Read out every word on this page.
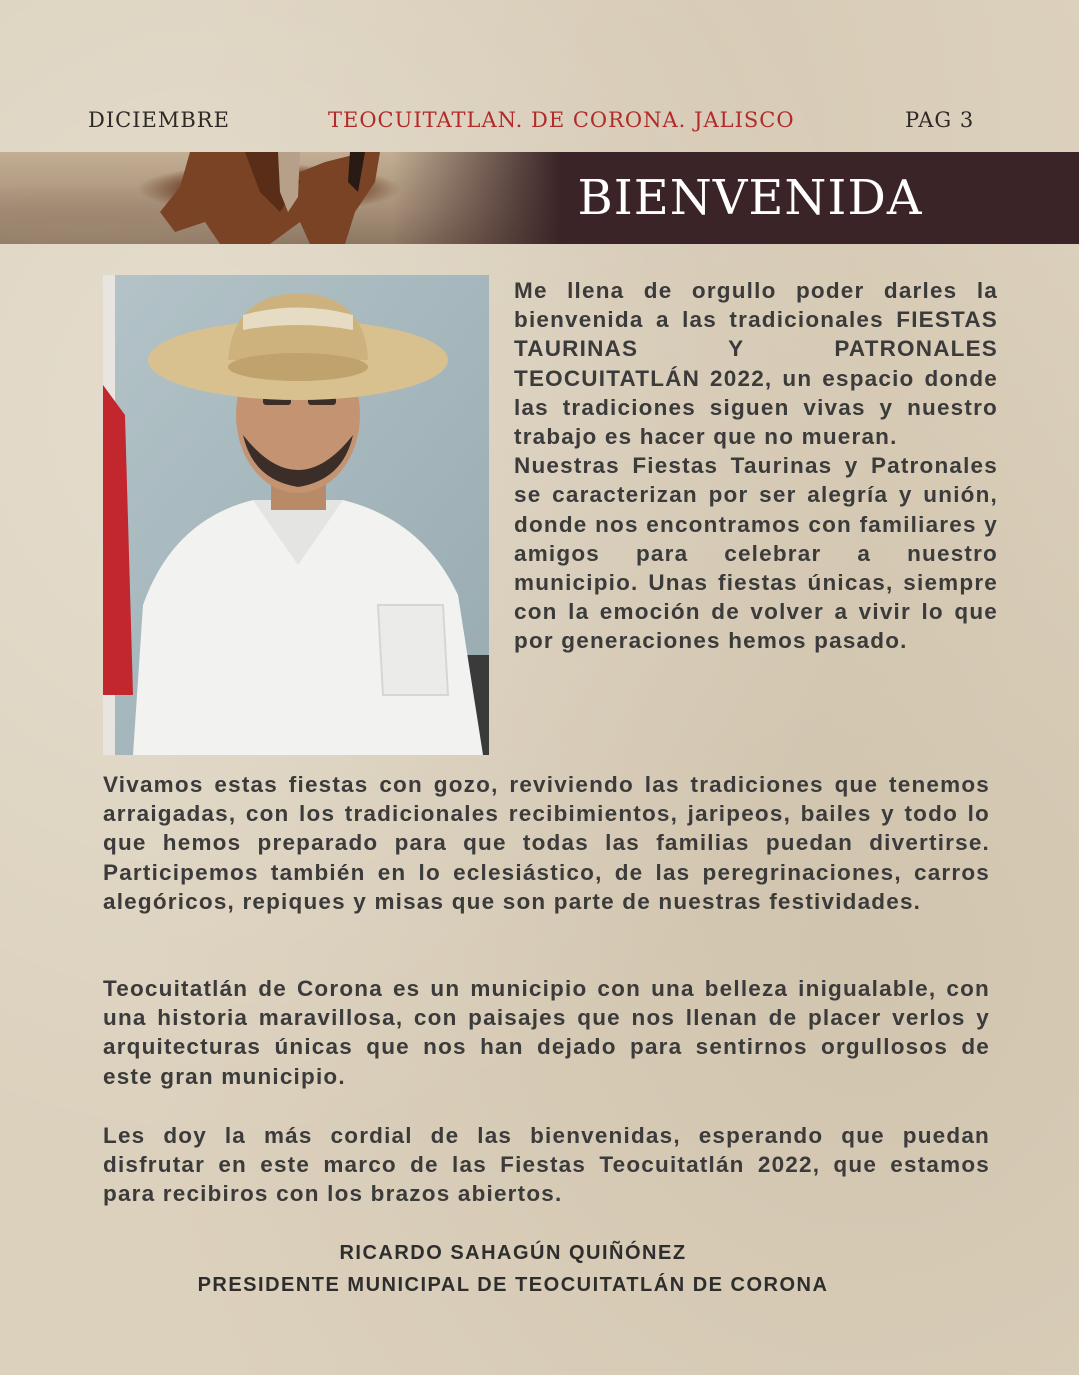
DICIEMBRE	TEOCUITATLAN. DE CORONA. JALISCO	PAG 3
BIENVENIDA

Me llena de orgullo poder darles la bienvenida a las tradicionales FIESTAS TAURINAS Y PATRONALES TEOCUITATLÁN 2022, un espacio donde las tradiciones siguen vivas y nuestro trabajo es hacer que no mueran.

Nuestras Fiestas Taurinas y Patronales se caracterizan por ser alegría y unión, donde nos encontramos con familiares y amigos para celebrar a nuestro municipio. Unas fiestas únicas, siempre con la emoción de volver a vivir lo que por generaciones hemos pasado.

Vivamos estas fiestas con gozo, reviviendo las tradiciones que tenemos arraigadas, con los tradicionales recibimientos, jaripeos, bailes y todo lo que hemos preparado para que todas las familias puedan divertirse. Participemos también en lo eclesiástico, de las peregrinaciones, carros alegóricos, repiques y misas que son parte de nuestras festividades.

Teocuitatlán de Corona es un municipio con una belleza inigualable, con una historia maravillosa, con paisajes que nos llenan de placer verlos y arquitecturas únicas que nos han dejado para sentirnos orgullosos de este gran municipio.

Les doy la más cordial de las bienvenidas, esperando que puedan disfrutar en este marco de las Fiestas Teocuitatlán 2022, que estamos para recibiros con los brazos abiertos.

RICARDO SAHAGÚN QUIÑÓNEZ
PRESIDENTE MUNICIPAL DE TEOCUITATLÁN DE CORONA
